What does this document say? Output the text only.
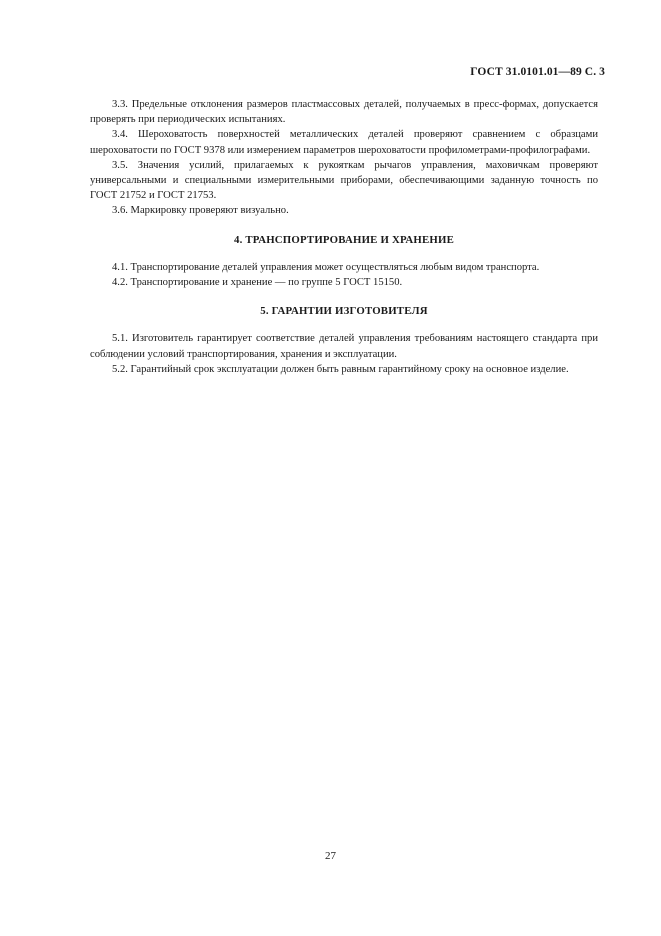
ГОСТ 31.0101.01—89 С. 3

3.3. Предельные отклонения размеров пластмассовых деталей, получаемых в пресс-формах, допускается проверять при периодических испытаниях.

3.4. Шероховатость поверхностей металлических деталей проверяют сравнением с образцами шероховатости по ГОСТ 9378 или измерением параметров шероховатости профилометрами-профилографами.

3.5. Значения усилий, прилагаемых к рукояткам рычагов управления, маховичкам проверяют универсальными и специальными измерительными приборами, обеспечивающими заданную точность по ГОСТ 21752 и ГОСТ 21753.

3.6. Маркировку проверяют визуально.

4. ТРАНСПОРТИРОВАНИЕ И ХРАНЕНИЕ

4.1. Транспортирование деталей управления может осуществляться любым видом транспорта.

4.2. Транспортирование и хранение — по группе 5 ГОСТ 15150.

5. ГАРАНТИИ ИЗГОТОВИТЕЛЯ

5.1. Изготовитель гарантирует соответствие деталей управления требованиям настоящего стандарта при соблюдении условий транспортирования, хранения и эксплуатации.

5.2. Гарантийный срок эксплуатации должен быть равным гарантийному сроку на основное изделие.

27
